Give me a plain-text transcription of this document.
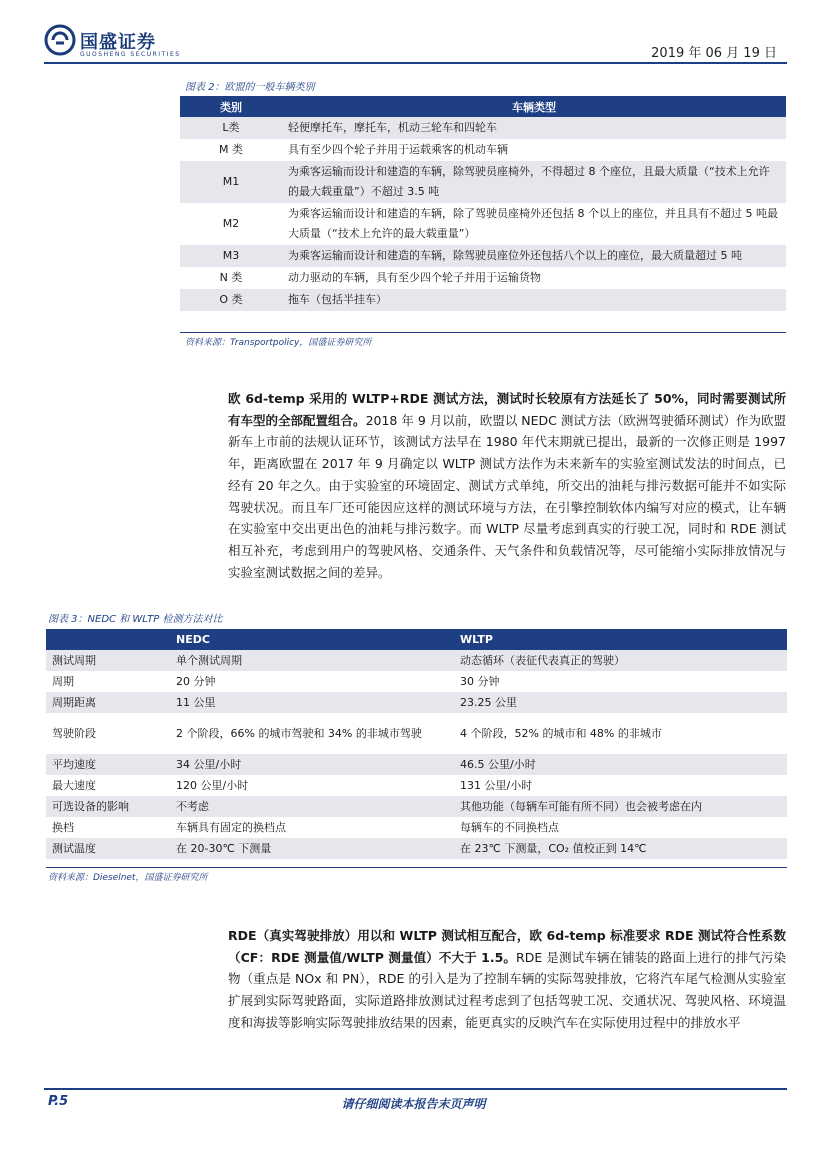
国盛证券
GUOSHENG SECURITIES	2019 年 06 月 19 日
图表 2：欧盟的一般车辆类别
类别	车辆类型
L类	轻便摩托车，摩托车，机动三轮车和四轮车
M 类	具有至少四个轮子并用于运载乘客的机动车辆
M1	为乘客运输而设计和建造的车辆，除驾驶员座椅外，不得超过 8 个座位，且最大质量（“技术上允许的最大载重量”）不超过 3.5 吨
M2	为乘客运输而设计和建造的车辆，除了驾驶员座椅外还包括 8 个以上的座位，并且具有不超过 5 吨最大质量（“技术上允许的最大载重量”）
M3	为乘客运输而设计和建造的车辆，除驾驶员座位外还包括八个以上的座位，最大质量超过 5 吨
N 类	动力驱动的车辆，具有至少四个轮子并用于运输货物
O 类	拖车（包括半挂车）
资料来源：Transportpolicy，国盛证券研究所
欧 6d-temp 采用的 WLTP+RDE 测试方法，测试时长较原有方法延长了 50%，同时需要测试所有车型的全部配置组合。2018 年 9 月以前，欧盟以 NEDC 测试方法（欧洲驾驶循环测试）作为欧盟新车上市前的法规认证环节，该测试方法早在 1980 年代末期就已提出，最新的一次修正则是 1997 年，距离欧盟在 2017 年 9 月确定以 WLTP 测试方法作为未来新车的实验室测试发法的时间点，已经有 20 年之久。由于实验室的环境固定、测试方式单纯，所交出的油耗与排污数据可能并不如实际驾驶状况。而且车厂还可能因应这样的测试环境与方法，在引擎控制软体内编写对应的模式，让车辆在实验室中交出更出色的油耗与排污数字。而 WLTP 尽量考虑到真实的行驶工况，同时和 RDE 测试相互补充，考虑到用户的驾驶风格、交通条件、天气条件和负载情况等，尽可能缩小实际排放情况与实验室测试数据之间的差异。
图表 3：NEDC 和 WLTP 检测方法对比
	NEDC	WLTP
测试周期	单个测试周期	动态循环（表征代表真正的驾驶）
周期	20 分钟	30 分钟
周期距离	11 公里	23.25 公里
驾驶阶段	2 个阶段，66% 的城市驾驶和 34% 的非城市驾驶	4 个阶段，52% 的城市和 48% 的非城市
平均速度	34 公里/小时	46.5 公里/小时
最大速度	120 公里/小时	131 公里/小时
可选设备的影响	不考虑	其他功能（每辆车可能有所不同）也会被考虑在内
换档	车辆具有固定的换档点	每辆车的不同换档点
测试温度	在 20-30℃ 下测量	在 23℃ 下测量，CO₂ 值校正到 14℃
资料来源：Dieselnet，国盛证券研究所
RDE（真实驾驶排放）用以和 WLTP 测试相互配合，欧 6d-temp 标准要求 RDE 测试符合性系数（CF：RDE 测量值/WLTP 测量值）不大于 1.5。RDE 是测试车辆在铺装的路面上进行的排气污染物（重点是 NOx 和 PN），RDE 的引入是为了控制车辆的实际驾驶排放，它将汽车尾气检测从实验室扩展到实际驾驶路面，实际道路排放测试过程考虑到了包括驾驶工况、交通状况、驾驶风格、环境温度和海拔等影响实际驾驶排放结果的因素，能更真实的反映汽车在实际使用过程中的排放水平
请仔细阅读本报告末页声明
P.5
